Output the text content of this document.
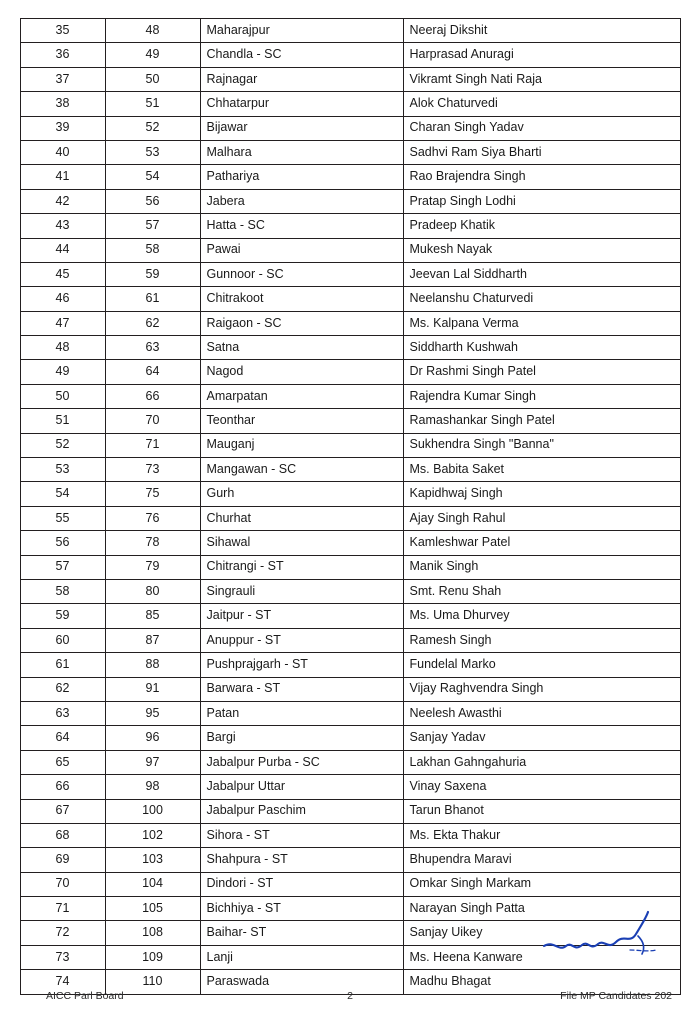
35	48	Maharajpur	Neeraj Dikshit
36	49	Chandla - SC	Harprasad Anuragi
37	50	Rajnagar	Vikramt Singh Nati Raja
38	51	Chhatarpur	Alok Chaturvedi
39	52	Bijawar	Charan Singh Yadav
40	53	Malhara	Sadhvi Ram Siya Bharti
41	54	Pathariya	Rao Brajendra Singh
42	56	Jabera	Pratap Singh Lodhi
43	57	Hatta - SC	Pradeep Khatik
44	58	Pawai	Mukesh Nayak
45	59	Gunnoor - SC	Jeevan Lal Siddharth
46	61	Chitrakoot	Neelanshu Chaturvedi
47	62	Raigaon - SC	Ms. Kalpana Verma
48	63	Satna	Siddharth Kushwah
49	64	Nagod	Dr Rashmi Singh Patel
50	66	Amarpatan	Rajendra Kumar Singh
51	70	Teonthar	Ramashankar Singh Patel
52	71	Mauganj	Sukhendra Singh "Banna"
53	73	Mangawan - SC	Ms. Babita Saket
54	75	Gurh	Kapidhwaj Singh
55	76	Churhat	Ajay Singh Rahul
56	78	Sihawal	Kamleshwar Patel
57	79	Chitrangi - ST	Manik Singh
58	80	Singrauli	Smt. Renu Shah
59	85	Jaitpur - ST	Ms. Uma Dhurvey
60	87	Anuppur - ST	Ramesh Singh
61	88	Pushprajgarh - ST	Fundelal Marko
62	91	Barwara - ST	Vijay Raghvendra Singh
63	95	Patan	Neelesh Awasthi
64	96	Bargi	Sanjay Yadav
65	97	Jabalpur Purba - SC	Lakhan Gahngahuria
66	98	Jabalpur Uttar	Vinay Saxena
67	100	Jabalpur Paschim	Tarun Bhanot
68	102	Sihora - ST	Ms. Ekta Thakur
69	103	Shahpura - ST	Bhupendra Maravi
70	104	Dindori - ST	Omkar Singh Markam
71	105	Bichhiya - ST	Narayan Singh Patta
72	108	Baihar- ST	Sanjay Uikey
73	109	Lanji	Ms. Heena Kanware
74	110	Paraswada	Madhu Bhagat
AICC Parl Board	2	File MP Candidates 202
